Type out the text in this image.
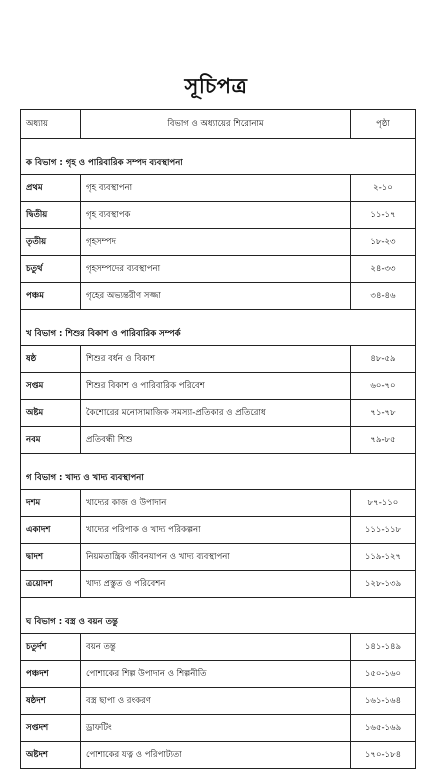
সূচিপত্র
অধ্যায়	বিভাগ ও অধ্যায়ের শিরোনাম	পৃষ্ঠা
ক বিভাগ : গৃহ ও পারিবারিক সম্পদ ব্যবস্থাপনা		
প্রথম	গৃহ ব্যবস্থাপনা	২-১০
দ্বিতীয়	গৃহ ব্যবস্থাপক	১১-১৭
তৃতীয়	গৃহসম্পদ	১৮-২৩
চতুর্থ	গৃহসম্পদের ব্যবস্থাপনা	২৪-৩৩
পঞ্চম	গৃহের অভ্যন্তরীণ সজ্জা	৩৪-৪৬
খ বিভাগ : শিশুর বিকাশ ও পারিবারিক সম্পর্ক		
ষষ্ঠ	শিশুর বর্ধন ও বিকাশ	৪৮-৫৯
সপ্তম	শিশুর বিকাশ ও পারিবারিক পরিবেশ	৬০-৭০
অষ্টম	কৈশোরের মনোসামাজিক সমস্যা-প্রতিকার ও প্রতিরোধ	৭১-৭৮
নবম	প্রতিবন্ধী শিশু	৭৯-৮৫
গ বিভাগ : খাদ্য ও খাদ্য ব্যবস্থাপনা		
দশম	খাদ্যের কাজ ও উপাদান	৮৭-১১০
একাদশ	খাদ্যের পরিপাক ও খাদ্য পরিকল্পনা	১১১-১১৮
দ্বাদশ	নিয়মতান্ত্রিক জীবনযাপন ও খাদ্য ব্যবস্থাপনা	১১৯-১২৭
ত্রয়োদশ	খাদ্য প্রস্তুত ও পরিবেশন	১২৮-১৩৯
ঘ বিভাগ : বস্ত্র ও বয়ন তন্তু		
চতুর্দশ	বয়ন তন্তু	১৪১-১৪৯
পঞ্চদশ	পোশাকের শিল্প উপাদান ও শিল্পনীতি	১৫০-১৬০
ষষ্ঠদশ	বস্ত্র ছাপা ও রংকরণ	১৬১-১৬৪
সপ্তদশ	ড্রাফটিং	১৬৫-১৬৯
অষ্টদশ	পোশাকের যত্ন ও পরিপাট্যতা	১৭০-১৮৪
